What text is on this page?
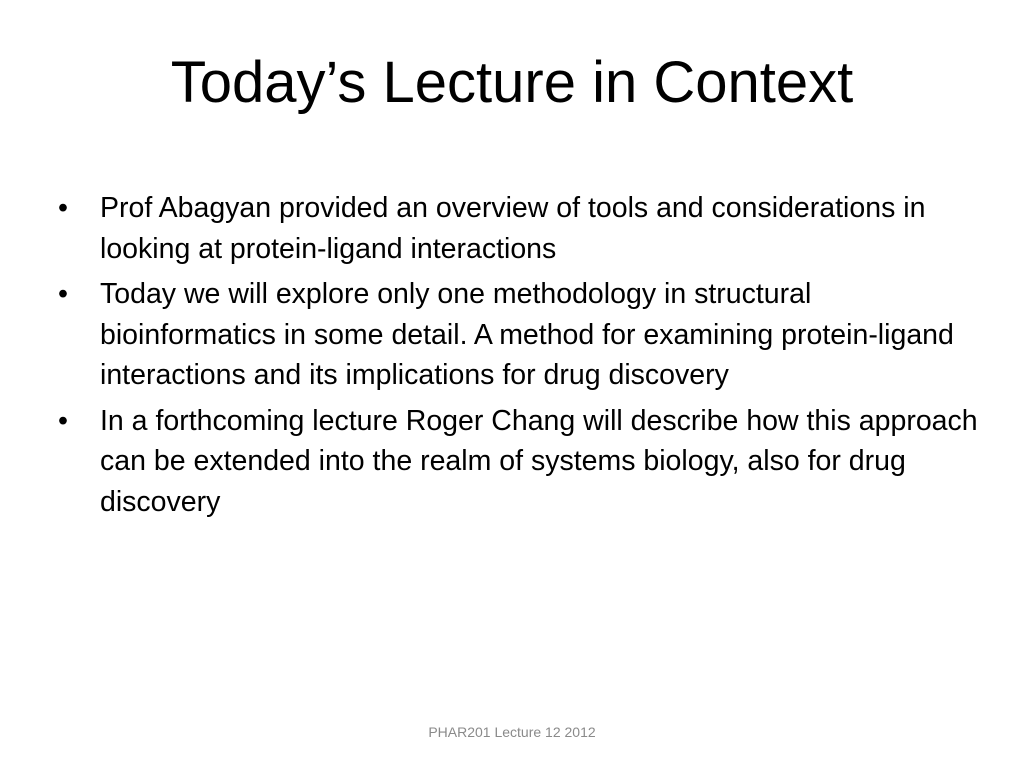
Today’s Lecture in Context
•	Prof Abagyan provided an overview of tools and considerations in looking at protein-ligand interactions
•	Today we will explore only one methodology in structural bioinformatics in some detail. A method for examining protein-ligand interactions and its implications for drug discovery
•	In a forthcoming lecture Roger Chang will describe how this approach can be extended into the realm of systems biology, also for drug discovery
PHAR201 Lecture 12 2012
